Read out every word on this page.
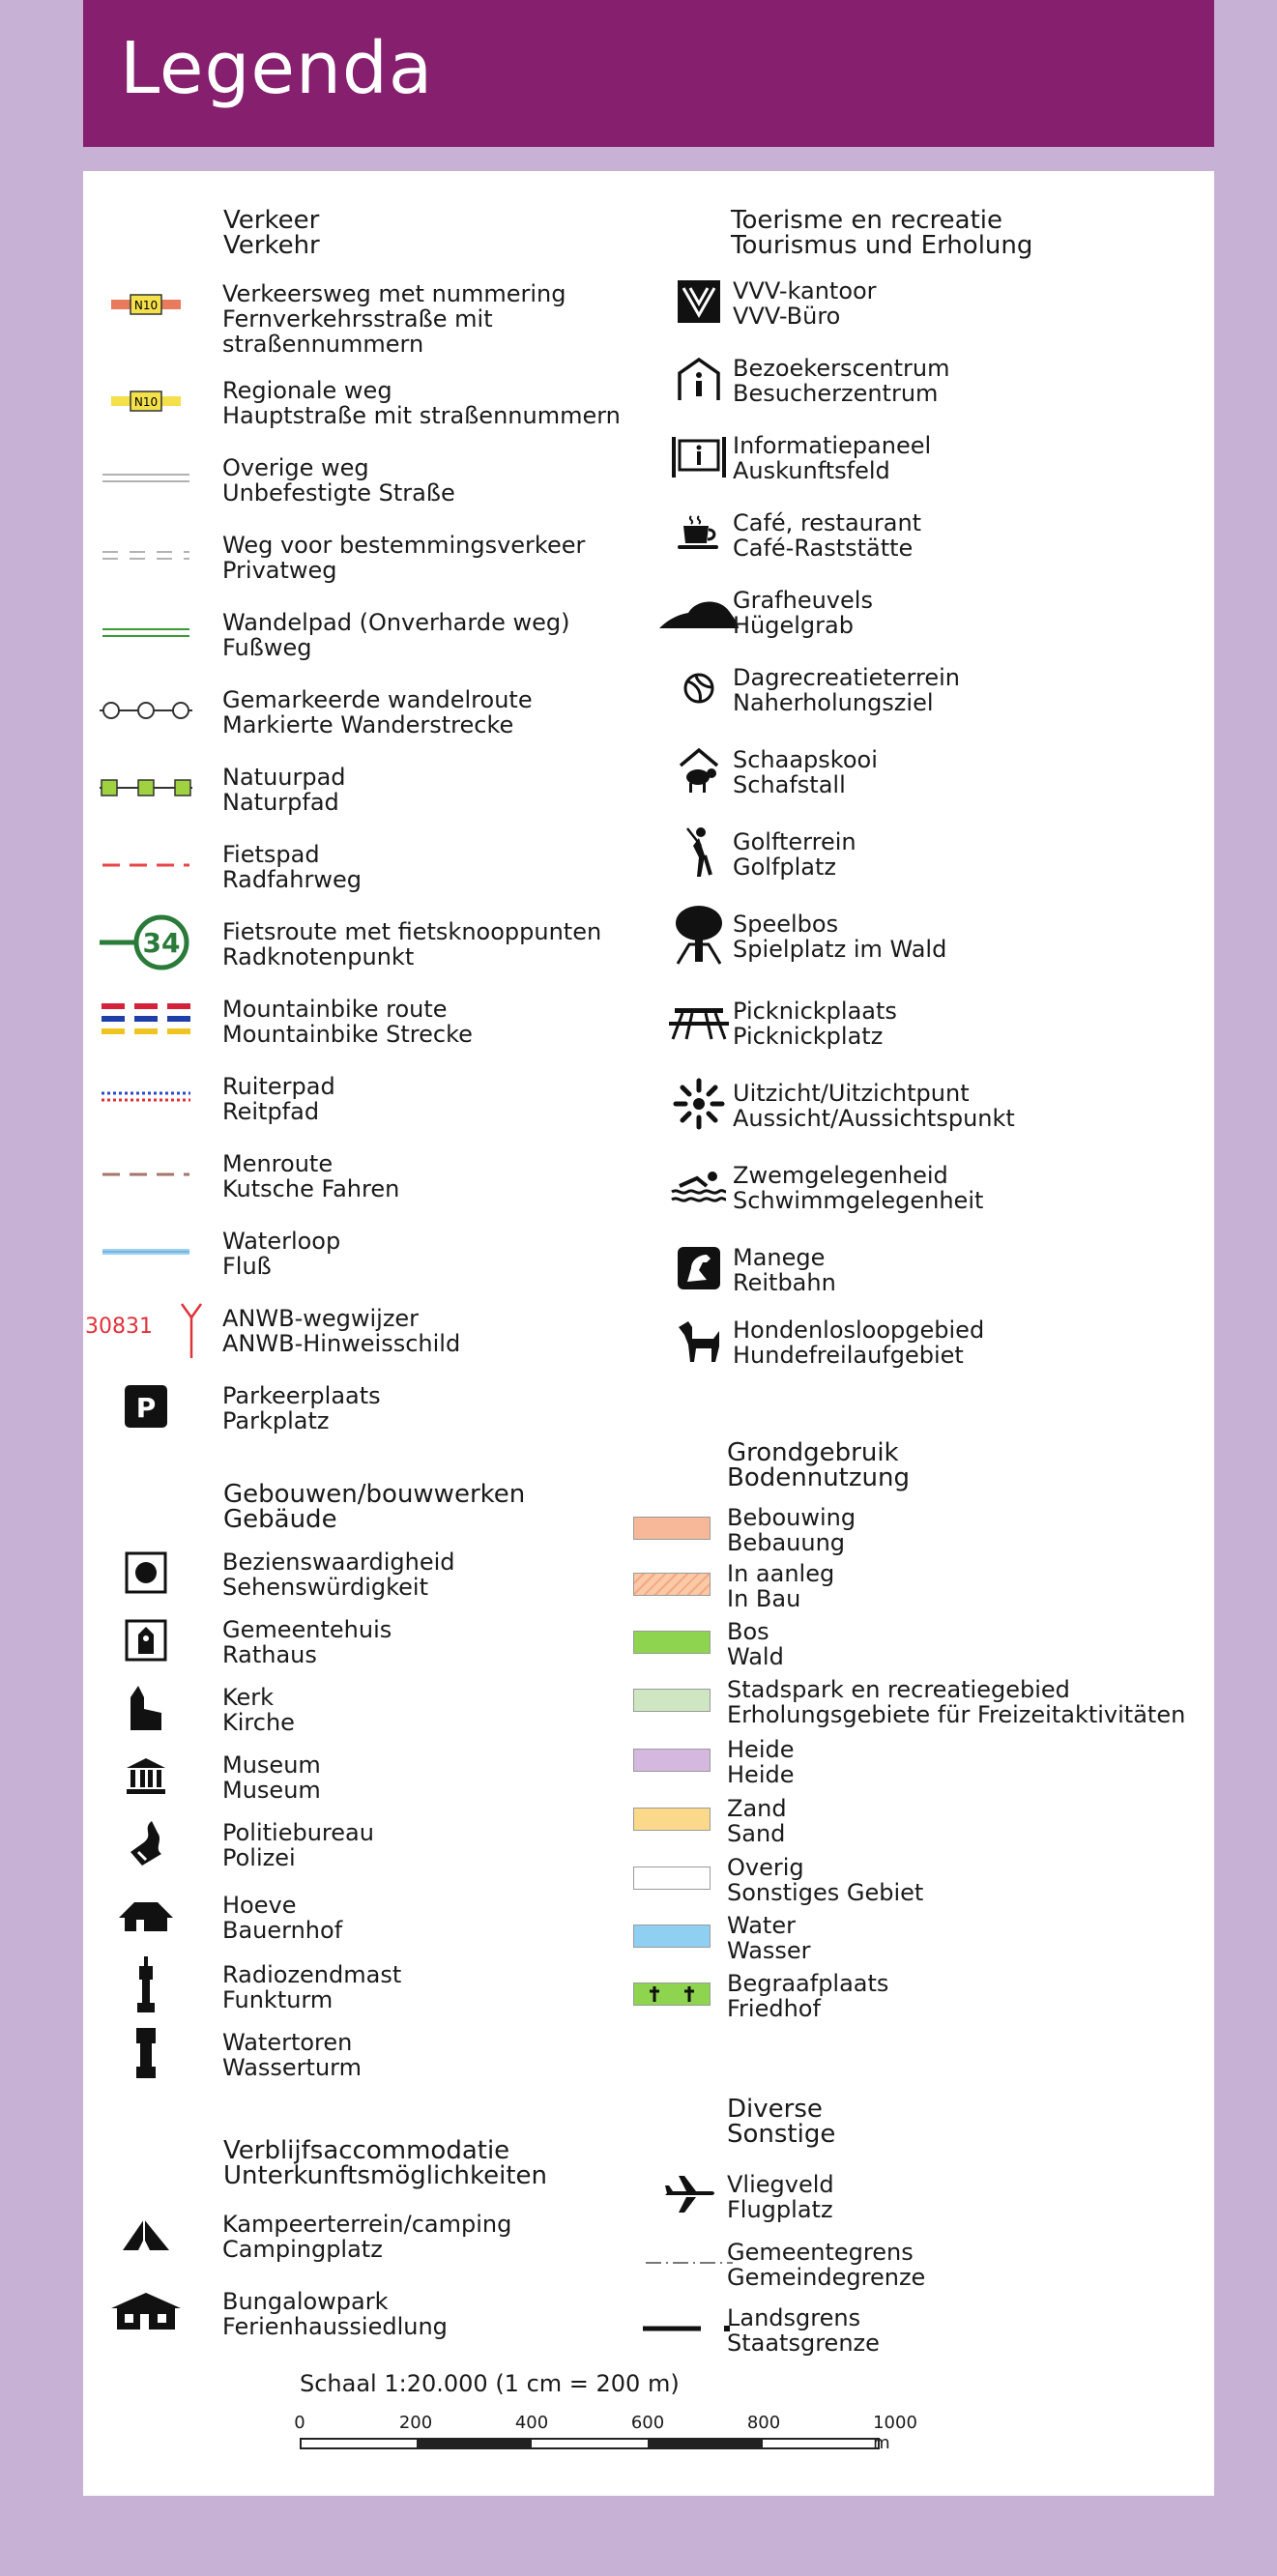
Legenda
Verkeer
Verkehr
N10	Verkeersweg met nummering
Fernverkehrsstraße mit
straßennummern
N10	Regionale weg
Hauptstraße mit straßennummern
Overige weg
Unbefestigte Straße
Weg voor bestemmingsverkeer
Privatweg
Wandelpad (Onverharde weg)
Fußweg
Gemarkeerde wandelroute
Markierte Wanderstrecke
Natuurpad
Naturpfad
Fietspad
Radfahrweg
34 Fietsroute met fietsknooppunten
Radknotenpunkt
Mountainbike route
Mountainbike Strecke
Ruiterpad
Reitpfad
Menroute
Kutsche Fahren
Waterloop
Fluß
30831	ANWB-wegwijzer
ANWB-Hinweisschild
P	Parkeerplaats
Parkplatz
Gebouwen/bouwwerken
Gebäude
Bezienswaardigheid
Sehenswürdigkeit
Gemeentehuis
Rathaus
Kerk
Kirche
Museum
Museum
Politiebureau
Polizei
Hoeve
Bauernhof
Radiozendmast
Funkturm
Watertoren
Wasserturm
Verblijfsaccommodatie
Unterkunftsmöglichkeiten
Kampeerterrein/camping
Campingplatz
Bungalowpark
Ferienhaussiedlung
Toerisme en recreatie
Tourismus und Erholung
VVV-kantoor
VVV-Büro
Bezoekerscentrum
Besucherzentrum
Informatiepaneel
Auskunftsfeld
Café, restaurant
Café-Raststätte
Grafheuvels
Hügelgrab
Dagrecreatieterrein
Naherholungsziel
Schaapskooi
Schafstall
Golfterrein
Golfplatz
Speelbos
Spielplatz im Wald
Picknickplaats
Picknickplatz
Uitzicht/Uitzichtpunt
Aussicht/Aussichtspunkt
Zwemgelegenheid
Schwimmgelegenheit
Manege
Reitbahn
Hondenlosloopgebied
Hundefreilaufgebiet
Grondgebruik
Bodennutzung
Bebouwing
Bebauung
In aanleg
In Bau
Bos
Wald
Stadspark en recreatiegebied
Erholungsgebiete für Freizeitaktivitäten
Heide
Heide
Zand
Sand
Overig
Sonstiges Gebiet
Water
Wasser
Begraafplaats
Friedhof
Diverse
Sonstige
Vliegveld
Flugplatz
Gemeentegrens
Gemeindegrenze
Landsgrens
Staatsgrenze
Schaal 1:20.000 (1 cm = 200 m)
0	200	400	600	800	1000 m
